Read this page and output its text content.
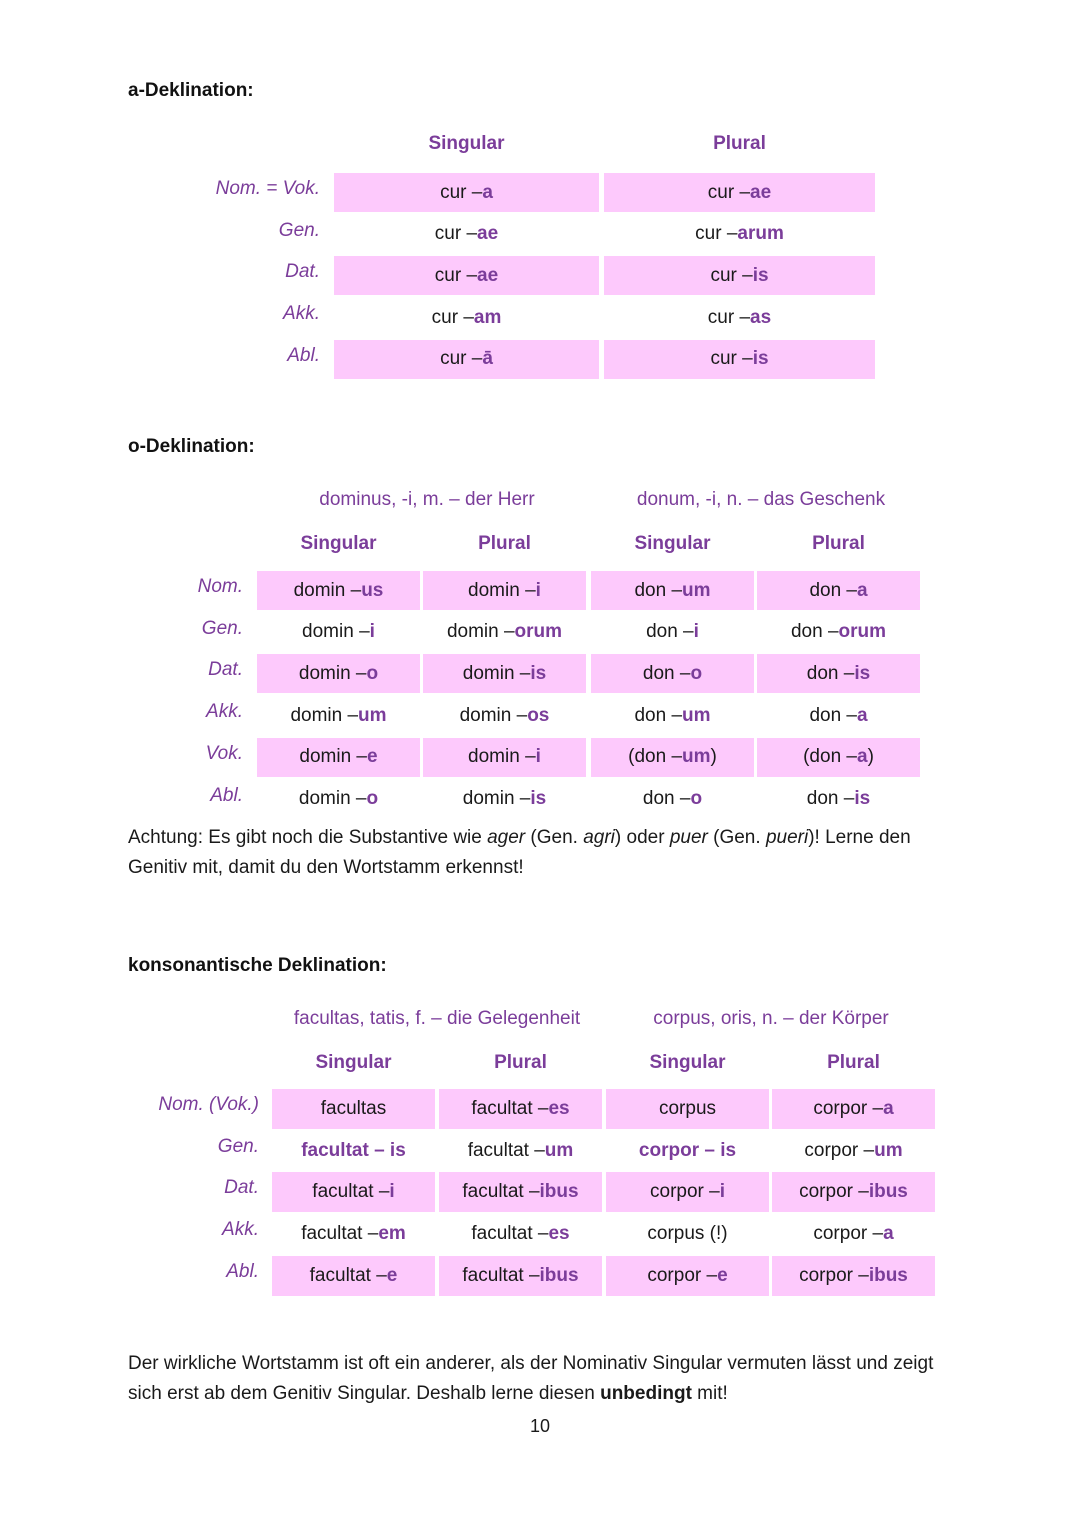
a-Deklination:
Singular	Plural
Nom. = Vok.	cur – a	cur – ae
Gen.	cur – ae	cur – arum
Dat.	cur – ae	cur – is
Akk.	cur – am	cur – as
Abl.	cur – ā	cur – is
o-Deklination:
dominus, -i, m. – der Herr	donum, -i, n. – das Geschenk
Singular	Plural	Singular	Plural
Nom.	domin – us	domin – i	don – um	don – a
Gen.	domin – i	domin – orum	don – i	don – orum
Dat.	domin – o	domin – is	don – o	don – is
Akk. domin – um	domin – os	don – um	don – a
Vok.	domin – e	domin – i	(don – um )	(don – a )
Abl.	domin – o	domin – is	don – o	don – is
Achtung: Es gibt noch die Substantive wie ager (Gen. agri) oder puer (Gen. pueri)! Lerne den Genitiv mit, damit du den Wortstamm erkennst!
konsonantische Deklination:
facultas, tatis, f. – die Gelegenheit	corpus, oris, n. – der Körper
Singular	Plural	Singular	Plural
Nom. (Vok.)	facultas	facultat – es	corpus	corpor – a
Gen. facultat – is	facultat – um	corpor – is	corpor – um
Dat.	facultat – i	facultat – ibus	corpor – i	corpor – ibus
Akk. facultat – em	facultat – es	corpus (!)	corpor – a
Abl.	facultat – e	facultat – ibus	corpor – e	corpor – ibus
Der wirkliche Wortstamm ist oft ein anderer, als der Nominativ Singular vermuten lässt und zeigt sich erst ab dem Genitiv Singular. Deshalb lerne diesen unbedingt mit!
10
